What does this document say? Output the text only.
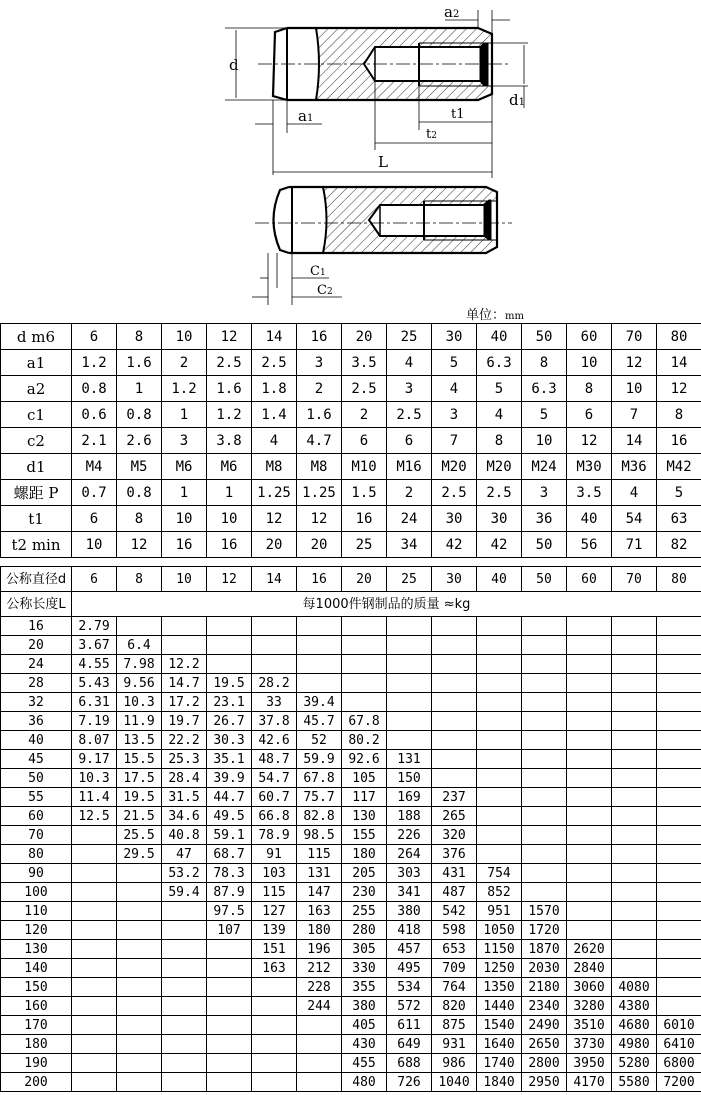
d
a2
d1
a1	t1
t2
L
C1
C2
单位：mm
d m6	6	8	10	12	14	16	20	25	30	40	50	60	70	80
a1	1.2	1.6	2	2.5	2.5	3	3.5	4	5	6.3	8	10	12	14
a2	0.8	1	1.2	1.6	1.8	2	2.5	3	4	5	6.3	8	10	12
c1	0.6	0.8	1	1.2	1.4	1.6	2	2.5	3	4	5	6	7	8
c2	2.1	2.6	3	3.8	4	4.7	6	6	7	8	10	12	14	16
d1	M4	M5	M6	M6	M8	M8	M10	M16	M20	M20	M24	M30	M36	M42
螺距 P	0.7	0.8	1	1	1.25	1.25	1.5	2	2.5	2.5	3	3.5	4	5
t1	6	8	10	10	12	12	16	24	30	30	36	40	54	63
t2 min	10	12	16	16	20	20	25	34	42	42	50	56	71	82
公称直径d	6	8	10	12	14	16	20	25	30	40	50	60	70	80
公称长度L	每1000件钢制品的质量 ≈kg													
16	2.79													
20	3.67	6.4												
24	4.55	7.98	12.2											
28	5.43	9.56	14.7	19.5	28.2									
32	6.31	10.3	17.2	23.1	33	39.4								
36	7.19	11.9	19.7	26.7	37.8	45.7	67.8							
40	8.07	13.5	22.2	30.3	42.6	52	80.2							
45	9.17	15.5	25.3	35.1	48.7	59.9	92.6	131						
50	10.3	17.5	28.4	39.9	54.7	67.8	105	150						
55	11.4	19.5	31.5	44.7	60.7	75.7	117	169	237					
60	12.5	21.5	34.6	49.5	66.8	82.8	130	188	265					
70		25.5	40.8	59.1	78.9	98.5	155	226	320					
80		29.5	47	68.7	91	115	180	264	376					
90			53.2	78.3	103	131	205	303	431	754				
100			59.4	87.9	115	147	230	341	487	852				
110				97.5	127	163	255	380	542	951	1570			
120				107	139	180	280	418	598	1050	1720			
130					151	196	305	457	653	1150	1870	2620		
140					163	212	330	495	709	1250	2030	2840		
150						228	355	534	764	1350	2180	3060	4080	
160						244	380	572	820	1440	2340	3280	4380	
170							405	611	875	1540	2490	3510	4680	6010
180							430	649	931	1640	2650	3730	4980	6410
190							455	688	986	1740	2800	3950	5280	6800
200							480	726	1040	1840	2950	4170	5580	7200
